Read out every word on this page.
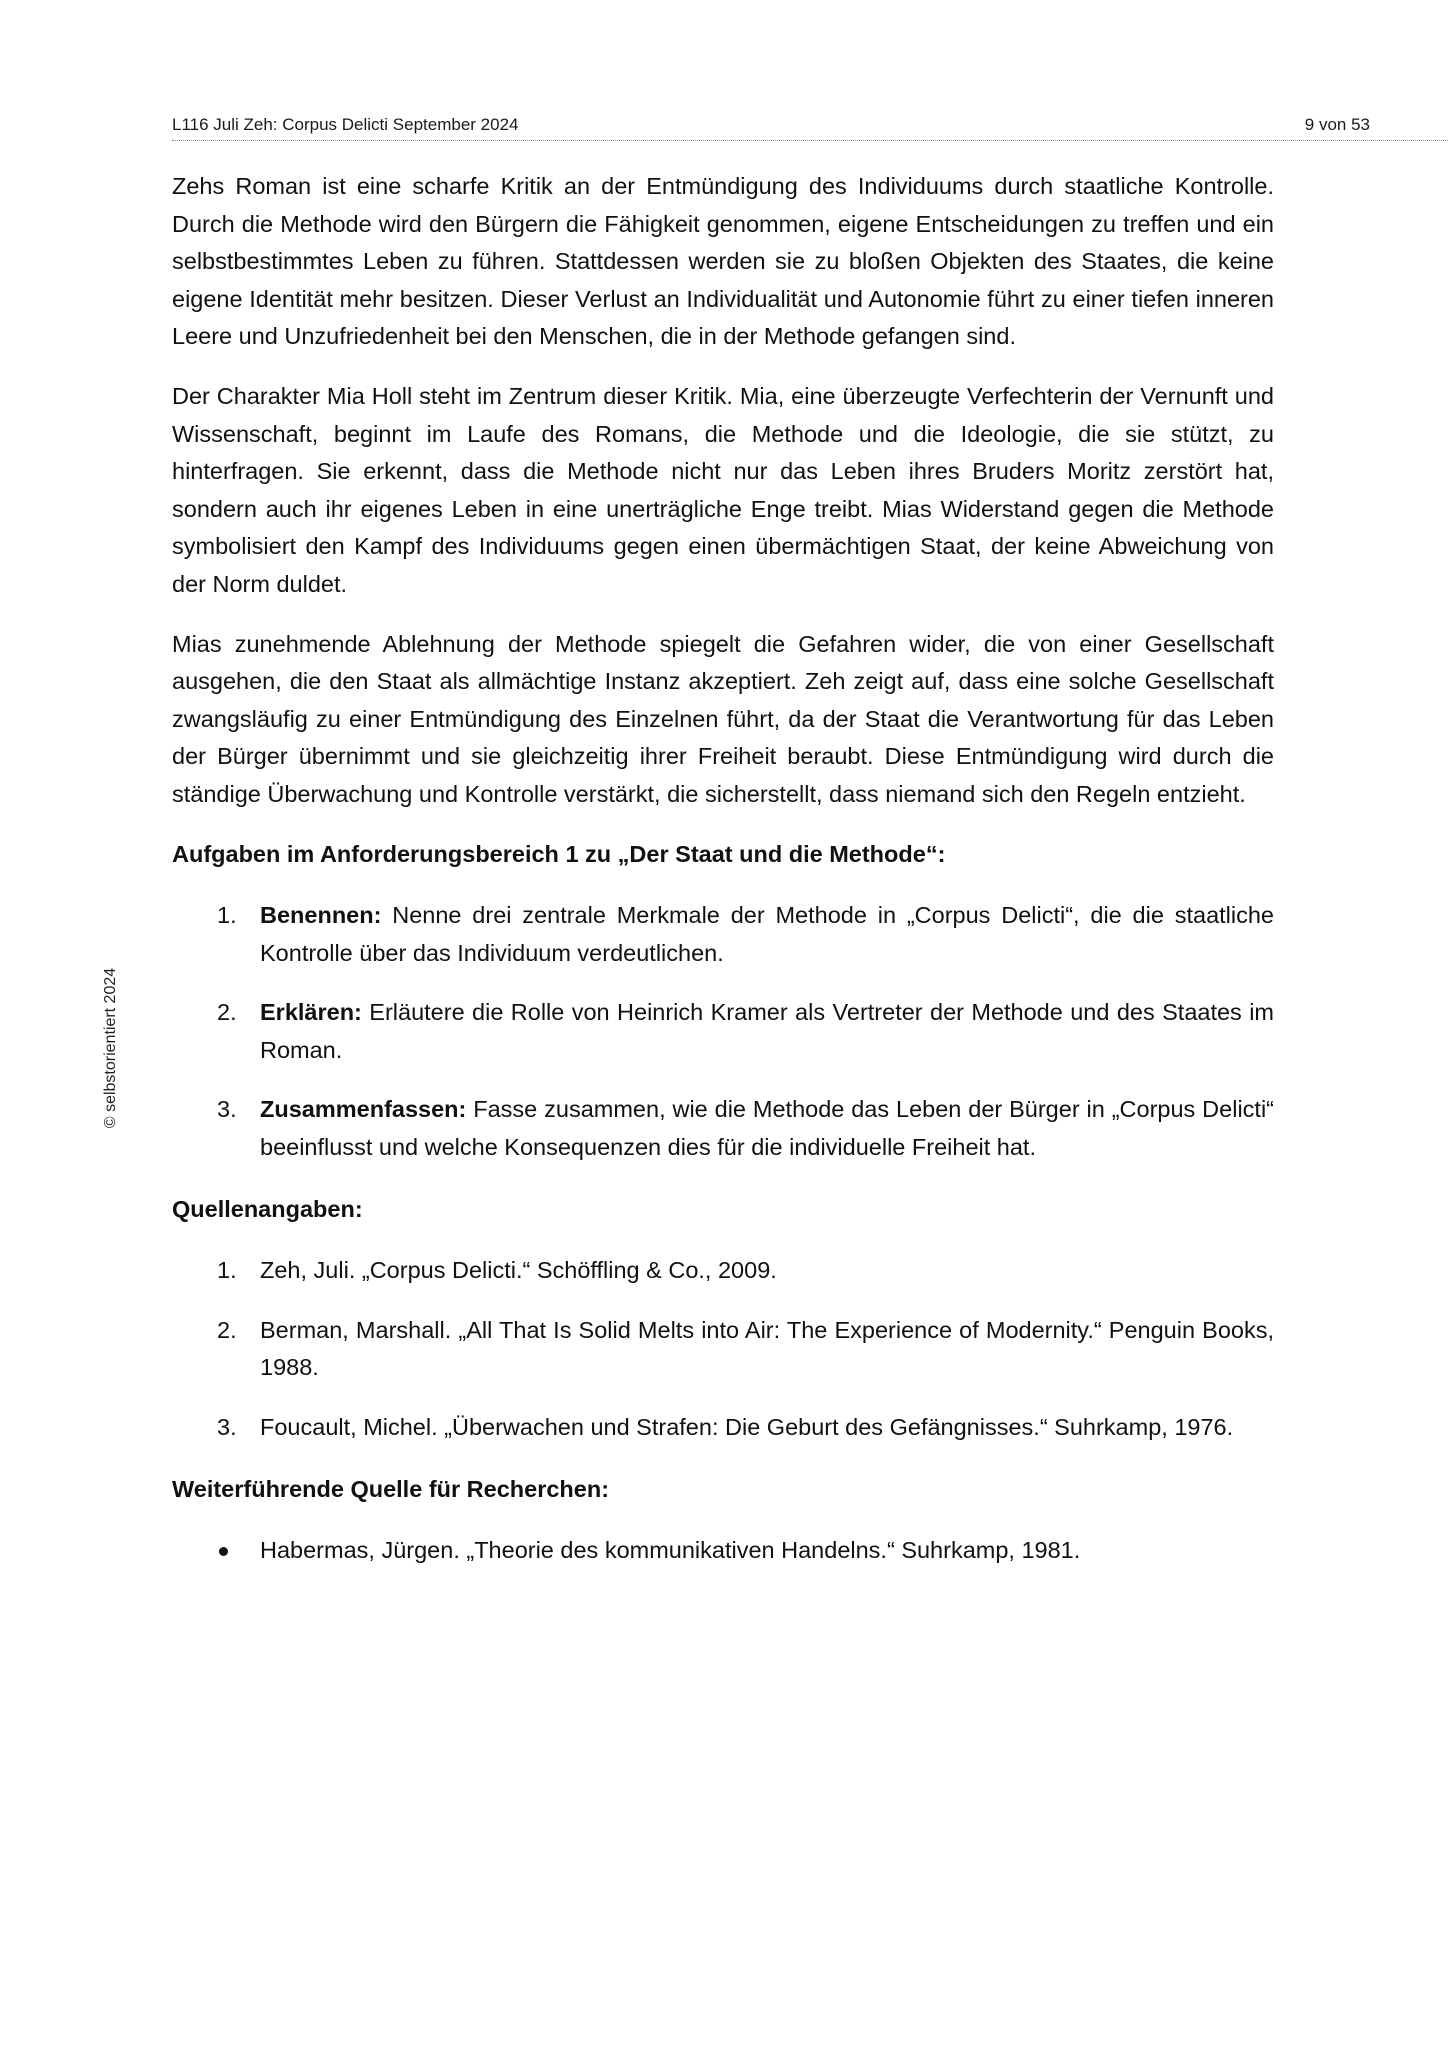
L116 Juli Zeh: Corpus Delicti September 2024	9 von 53
© selbstorientiert 2024

Zehs Roman ist eine scharfe Kritik an der Entmündigung des Individuums durch staatliche Kontrolle. Durch die Methode wird den Bürgern die Fähigkeit genommen, eigene Entscheidungen zu treffen und ein selbstbestimmtes Leben zu führen. Stattdessen werden sie zu bloßen Objekten des Staates, die keine eigene Identität mehr besitzen. Dieser Verlust an Individualität und Autonomie führt zu einer tiefen inneren Leere und Unzufriedenheit bei den Menschen, die in der Methode gefangen sind.

Der Charakter Mia Holl steht im Zentrum dieser Kritik. Mia, eine überzeugte Verfechterin der Vernunft und Wissenschaft, beginnt im Laufe des Romans, die Methode und die Ideologie, die sie stützt, zu hinterfragen. Sie erkennt, dass die Methode nicht nur das Leben ihres Bruders Moritz zerstört hat, sondern auch ihr eigenes Leben in eine unerträgliche Enge treibt. Mias Widerstand gegen die Methode symbolisiert den Kampf des Individuums gegen einen übermächtigen Staat, der keine Abweichung von der Norm duldet.

Mias zunehmende Ablehnung der Methode spiegelt die Gefahren wider, die von einer Gesellschaft ausgehen, die den Staat als allmächtige Instanz akzeptiert. Zeh zeigt auf, dass eine solche Gesellschaft zwangsläufig zu einer Entmündigung des Einzelnen führt, da der Staat die Verantwortung für das Leben der Bürger übernimmt und sie gleichzeitig ihrer Freiheit beraubt. Diese Entmündigung wird durch die ständige Überwachung und Kontrolle verstärkt, die sicherstellt, dass niemand sich den Regeln entzieht.

Aufgaben im Anforderungsbereich 1 zu „Der Staat und die Methode“:
1. Benennen: Nenne drei zentrale Merkmale der Methode in „Corpus Delicti“, die die staatliche Kontrolle über das Individuum verdeutlichen.
2. Erklären: Erläutere die Rolle von Heinrich Kramer als Vertreter der Methode und des Staates im Roman.
3. Zusammenfassen: Fasse zusammen, wie die Methode das Leben der Bürger in „Corpus Delicti“ beeinflusst und welche Konsequenzen dies für die individuelle Freiheit hat.
Quellenangaben:
1. Zeh, Juli. „Corpus Delicti.“ Schöffling & Co., 2009.
2. Berman, Marshall. „All That Is Solid Melts into Air: The Experience of Modernity.“ Penguin Books, 1988.
3. Foucault, Michel. „Überwachen und Strafen: Die Geburt des Gefängnisses.“ Suhrkamp, 1976.
Weiterführende Quelle für Recherchen:
Habermas, Jürgen. „Theorie des kommunikativen Handelns.“ Suhrkamp, 1981.
